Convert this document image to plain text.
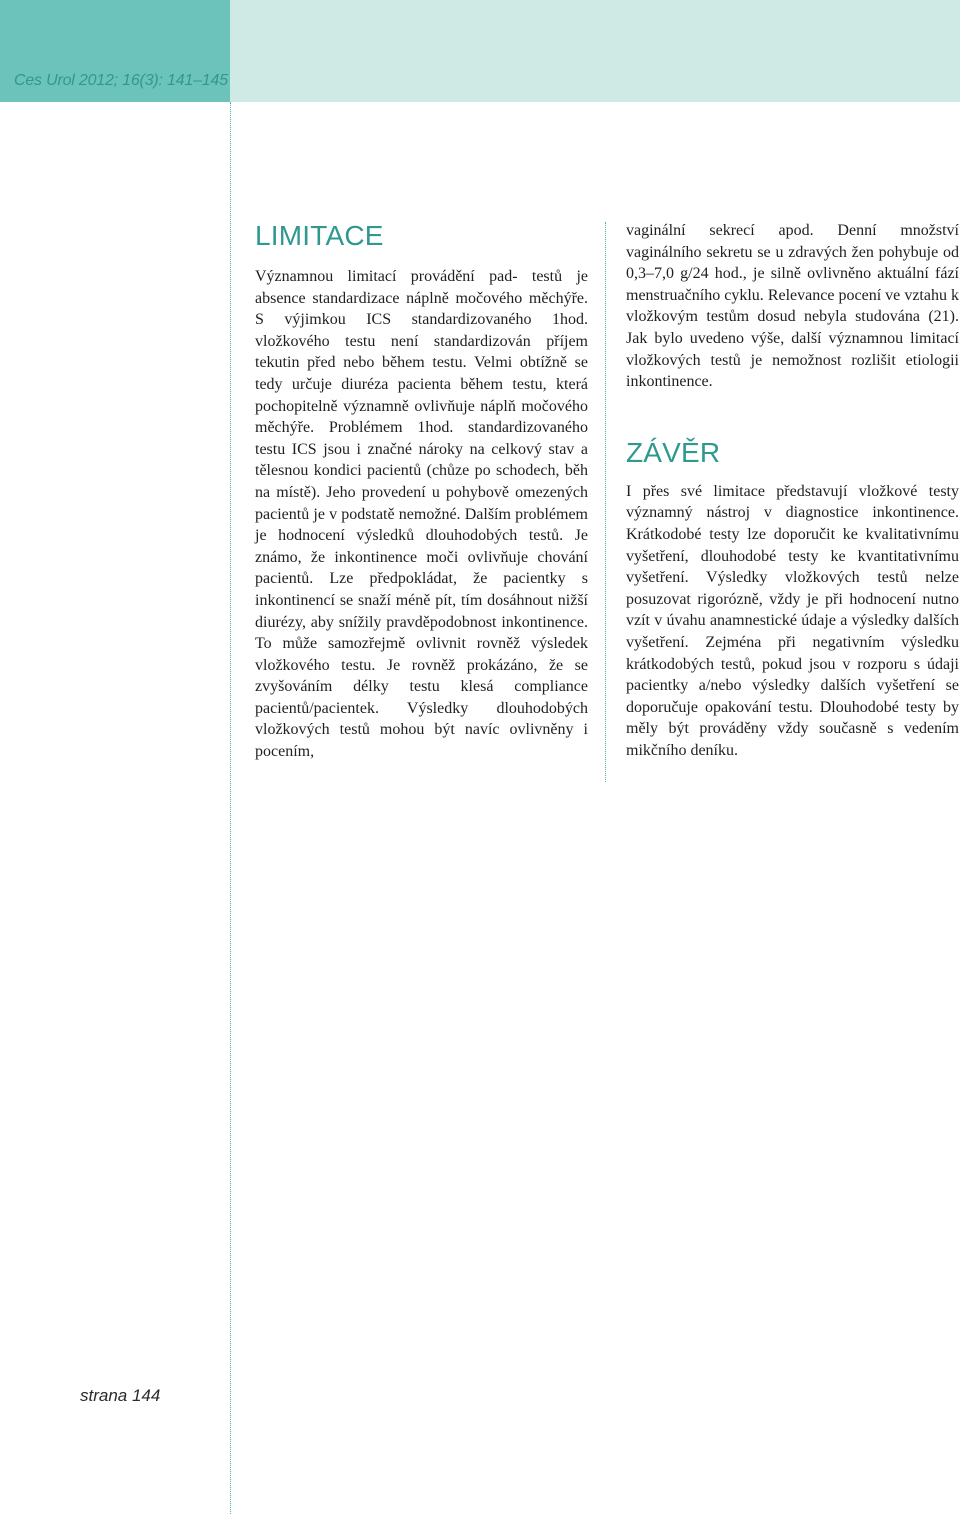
Ces Urol 2012; 16(3): 141–145
LIMITACE

Významnou limitací provádění pad- testů je absence standardizace náplně močového měchýře. S výjimkou ICS standardizovaného 1hod. vložkového testu není standardizován příjem tekutin před nebo během testu. Velmi obtížně se tedy určuje diuréza pacienta během testu, která pochopitelně významně ovlivňuje náplň močového měchýře. Problémem 1hod. standardizovaného testu ICS jsou i značné nároky na celkový stav a tělesnou kondici pacientů (chůze po schodech, běh na místě). Jeho provedení u pohybově omezených pacientů je v podstatě nemožné. Dalším problémem je hodnocení výsledků dlouhodobých testů. Je známo, že inkontinence moči ovlivňuje chování pacientů. Lze předpokládat, že pacientky s inkontinencí se snaží méně pít, tím dosáhnout nižší diurézy, aby snížily pravděpodobnost inkontinence. To může samozřejmě ovlivnit rovněž výsledek vložkového testu. Je rovněž prokázáno, že se zvyšováním délky testu klesá compliance pacientů/pacientek. Výsledky dlouhodobých vložkových testů mohou být navíc ovlivněny i pocením,

vaginální sekrecí apod. Denní množství vaginálního sekretu se u zdravých žen pohybuje od 0,3–7,0 g/24 hod., je silně ovlivněno aktuální fází menstruačního cyklu. Relevance pocení ve vztahu k vložkovým testům dosud nebyla studována (21). Jak bylo uvedeno výše, další významnou limitací vložkových testů je nemožnost rozlišit etiologii inkontinence.

ZÁVĚR

I přes své limitace představují vložkové testy významný nástroj v diagnostice inkontinence. Krátkodobé testy lze doporučit ke kvalitativnímu vyšetření, dlouhodobé testy ke kvantitativnímu vyšetření. Výsledky vložkových testů nelze posuzovat rigorózně, vždy je při hodnocení nutno vzít v úvahu anamnestické údaje a výsledky dalších vyšetření. Zejména při negativním výsledku krátkodobých testů, pokud jsou v rozporu s údaji pacientky a/nebo výsledky dalších vyšetření se doporučuje opakování testu. Dlouhodobé testy by měly být prováděny vždy současně s vedením mikčního deníku.

strana 144
